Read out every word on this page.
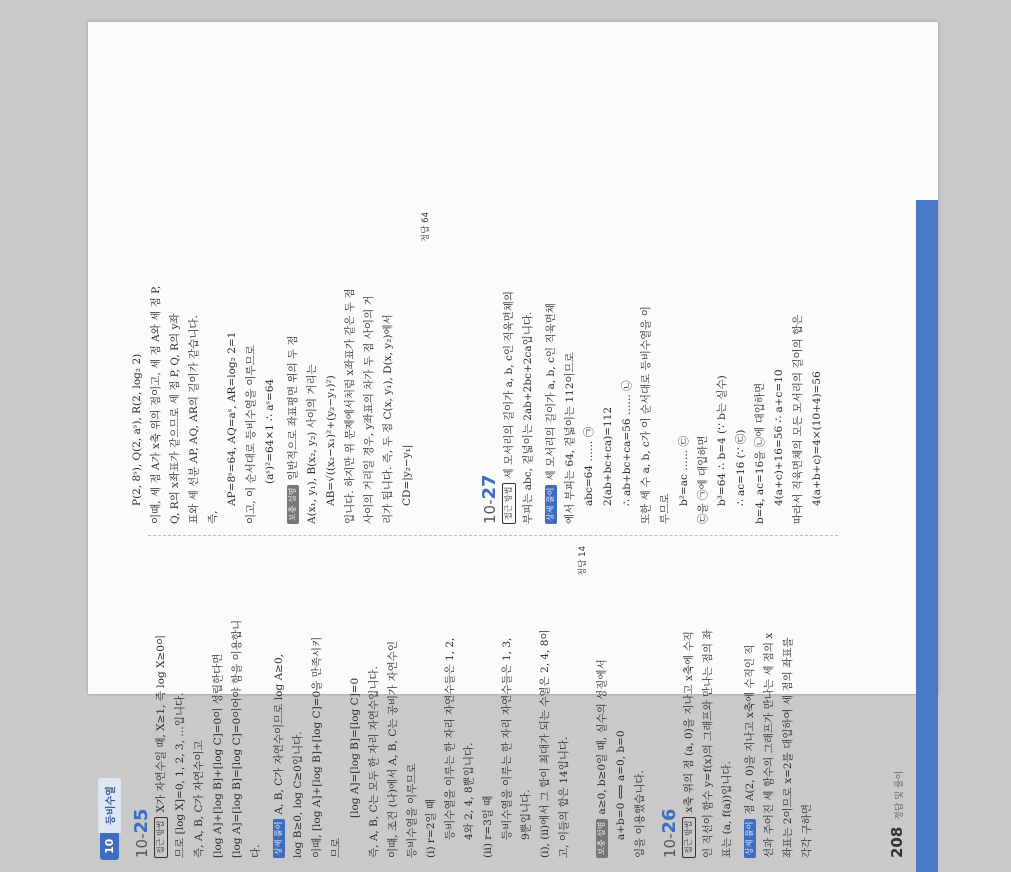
10
등비수열
10-25 접근 방법X가 자연수일 때, X≥1, 즉 log X≥0이 므로 [log X]=0, 1, 2, 3, …입니다. 즉, A, B, C가 자연수이고 [log A]+[log B]+[log C]=0이 성립한다면 [log A]=[log B]=[log C]=0이어야 함을 이용합니 다.	상세 풀이A, B, C가 자연수이므로 log A≥0, log B≥0, log C≥0입니다. 이때, [log A]+[log B]+[log C]=0을 만족시키 므로
[log A]=[log B]=[log C]=0 즉, A, B, C는 모두 한 자리 자연수입니다. 이때, 조건 (나)에서 A, B, C는 공비가 자연수인 등비수열을 이루므로 (i) r=2일 때 등비수열을 이루는 한 자리 자연수들은 1, 2, 4와 2, 4, 8뿐입니다. (ii) r=3일 때 등비수열을 이루는 한 자리 자연수들은 1, 3, 9뿐입니다. (i), (ii)에서 그 합이 최대가 되는 수열은 2, 4, 8이 고, 이들의 합은 14입니다.
정답 14
보충 설명a≥0, b≥0일 때, 실수의 성질에서 a+b=0 ⟺ a=0, b=0 임을 이용했습니다. 10-26 접근 방법x축 위의 점 (a, 0)을 지나고 x축에 수직 인 직선이 함수 y=f(x)의 그래프와 만나는 점의 좌 표는 (a, f(a))입니다.	상세 풀이점 A(2, 0)을 지나고 x축에 수직인 직 선과 주어진 세 함수의 그래프가 만나는 세 점의 x 좌표는 2이므로 x=2를 대입하여 세 점의 좌표를 각각 구하면
P(2, 8ˢ), Q(2, aˢ), R(2, log₂ 2) 이때, 세 점 A가 x축 위의 점이고, 세 점 A와 세 점 P, Q, R의 x좌표가 같으므로 세 점 P, Q, R의 y좌 표와 세 선분 AP, AQ, AR의 길이가 같습니다. 즉,
AP=8ˢ=64, AQ=aˢ, AR=log₂ 2=1 이고, 이 순서대로 등비수열을 이루므로 (aˢ)²=64×1 ∴ aˢ=64
보충 설명일반적으로 좌표평면 위의 두 점 A(x₁, y₁), B(x₂, y₂) 사이의 거리는 AB=√((x₂−x₁)²+(y₂−y₁)²) 입니다. 하지만 위 문제에서처럼 x좌표가 같은 두 점 사이의 거리일 경우, y좌표의 차가 두 점 사이의 거 리가 됩니다. 즉, 두 점 C(x, y₁), D(x, y₂)에서 CD=|y₂−y₁|
정답 64
10-27 접근 방법세 모서리의 길이가 a, b, c인 직육면체의 부피는 abc, 겉넓이는 2ab+2bc+2ca입니다.	상세 풀이세 모서리의 길이가 a, b, c인 직육면체 에서 부피는 64, 겉넓이는 112이므로 abc=64 …… ㉠ 2(ab+bc+ca)=112 ∴ ab+bc+ca=56 …… ㉡ 또한 세 수 a, b, c가 이 순서대로 등비수열을 이 루므로
b²=ac …… ㉢ ㉢을 ㉠에 대입하면 b³=64 ∴ b=4 (∵ b는 실수) ∴ ac=16 (∵ ㉢) b=4, ac=16을 ㉡에 대입하면 4(a+c)+16=56 ∴ a+c=10 따라서 직육면체의 모든 모서리의 길이의 합은 4(a+b+c)=4×(10+4)=56
208
정답 및 풀이
